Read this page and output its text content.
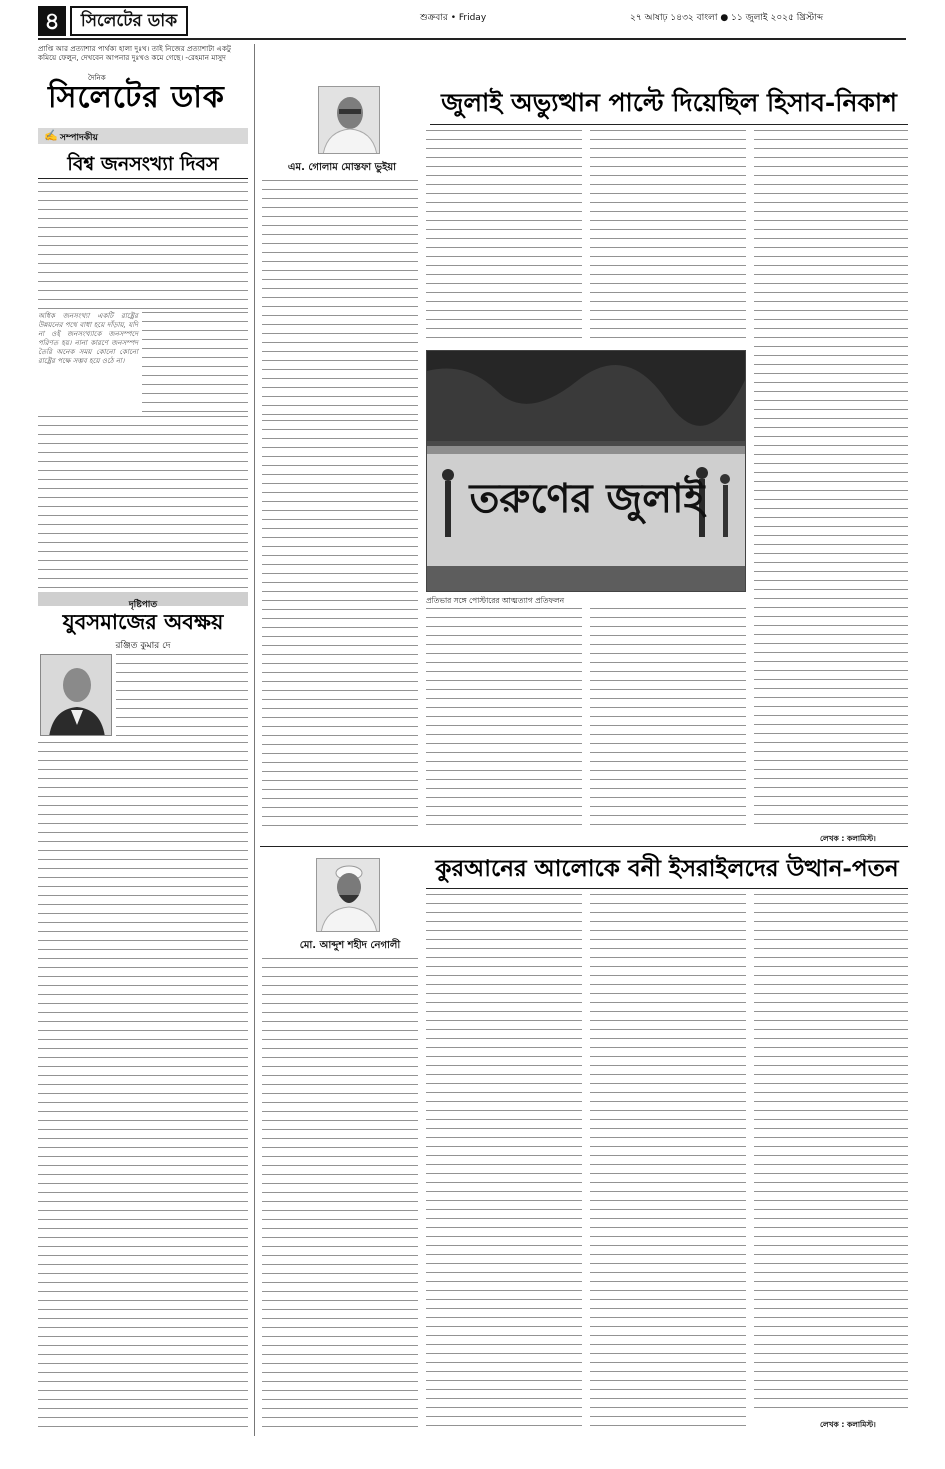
৪	সিলেটের ডাক	শুক্রবার • Friday	২৭ আষাঢ় ১৪৩২ বাংলা ● ১১ জুলাই ২০২৫ খ্রিস্টাব্দ
প্রাপ্তি আর প্রত্যাশার পার্থক্য হালা দুঃখ। তাই নিজের প্রত্যাশাটা একটু
কমিয়ে ফেলুন, দেখবেন আপনার দুঃখও কমে গেছে। -রেহমান মাসুদ
দৈনিক
সিলেটের ডাক
✍ সম্পাদকীয়
বিশ্ব জনসংখ্যা দিবস
অধিক জনসংখ্যা একটি রাষ্ট্রের উন্নয়নের পথে বাধা হয়ে দাঁড়ায়, যদি না ওই জনসংখ্যাকে জনসম্পদে পরিণত হয়। নানা কারণে জনসম্পদ তৈরি অনেক সময় কোনো কোনো রাষ্ট্রের পক্ষে সম্ভব হয়ে ওঠে না।
দৃষ্টিপাত
যুবসমাজের অবক্ষয়
রঞ্জিত কুমার দে
এম. গোলাম মোস্তফা ভুইয়া
জুলাই অভ্যুত্থান পাল্টে দিয়েছিল হিসাব-নিকাশ
তরুণের জুলাই
প্রতিভার সঙ্গে পোস্টারের আত্মত্যাগ প্রতিফলন
লেখক : কলামিস্ট।
মো. আব্দুশ শহীদ নেগালী
কুরআনের আলোকে বনী ইসরাইলদের উত্থান-পতন
লেখক : কলামিস্ট।
